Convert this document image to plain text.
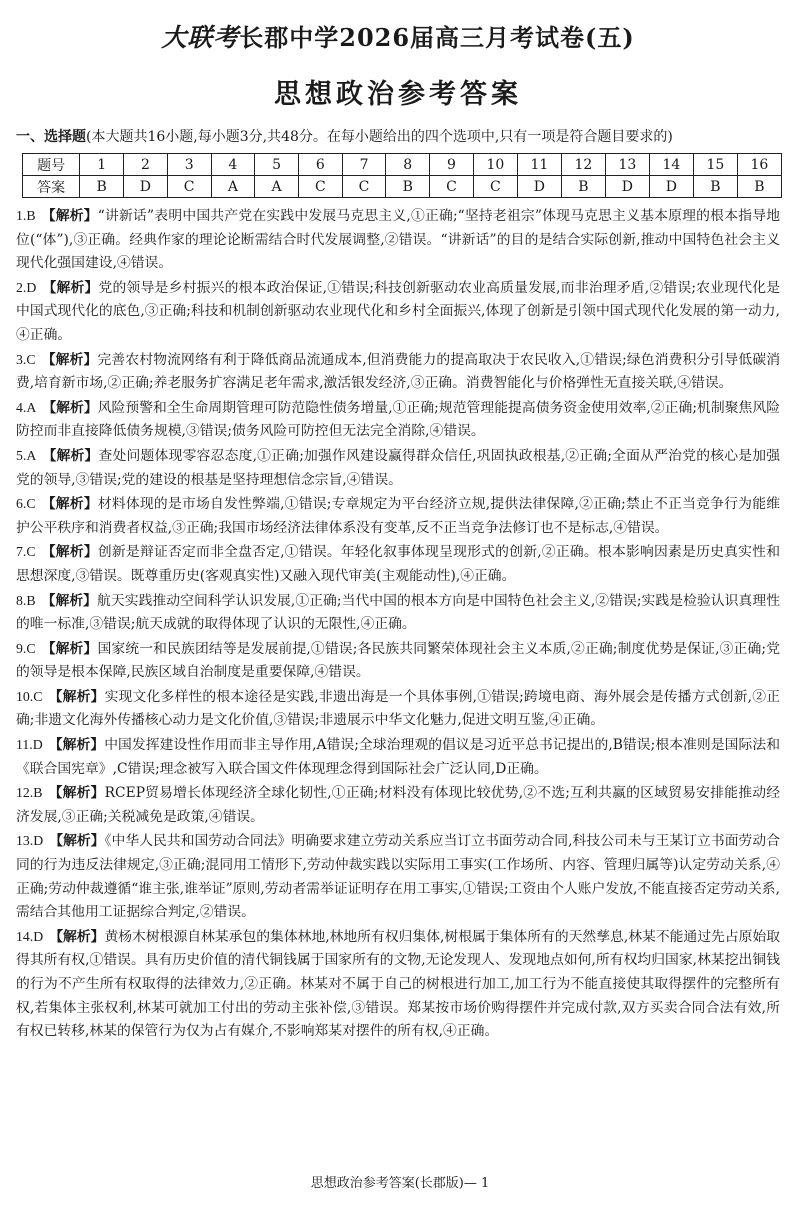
大联考长郡中学2026届高三月考试卷(五)
思想政治参考答案
一、选择题(本大题共16小题,每小题3分,共48分。在每小题给出的四个选项中,只有一项是符合题目要求的)
题号	1	2	3	4	5	6	7	8	9	10	11	12	13	14	15	16
答案	B	D	C	A	A	C	C	B	C	C	D	B	D	D	B	B

1.B 【解析】“讲新话”表明中国共产党在实践中发展马克思主义,①正确;“坚持老祖宗”体现马克思主义基本原理的根本指导地位(“体”),③正确。经典作家的理论论断需结合时代发展调整,②错误。“讲新话”的目的是结合实际创新,推动中国特色社会主义现代化强国建设,④错误。

2.D 【解析】党的领导是乡村振兴的根本政治保证,①错误;科技创新驱动农业高质量发展,而非治理矛盾,②错误;农业现代化是中国式现代化的底色,③正确;科技和机制创新驱动农业现代化和乡村全面振兴,体现了创新是引领中国式现代化发展的第一动力,④正确。

3.C 【解析】完善农村物流网络有利于降低商品流通成本,但消费能力的提高取决于农民收入,①错误;绿色消费积分引导低碳消费,培育新市场,②正确;养老服务扩容满足老年需求,激活银发经济,③正确。消费智能化与价格弹性无直接关联,④错误。

4.A 【解析】风险预警和全生命周期管理可防范隐性债务增量,①正确;规范管理能提高债务资金使用效率,②正确;机制聚焦风险防控而非直接降低债务规模,③错误;债务风险可防控但无法完全消除,④错误。

5.A 【解析】查处问题体现零容忍态度,①正确;加强作风建设赢得群众信任,巩固执政根基,②正确;全面从严治党的核心是加强党的领导,③错误;党的建设的根基是坚持理想信念宗旨,④错误。

6.C 【解析】材料体现的是市场自发性弊端,①错误;专章规定为平台经济立规,提供法律保障,②正确;禁止不正当竞争行为能维护公平秩序和消费者权益,③正确;我国市场经济法律体系没有变革,反不正当竞争法修订也不是标志,④错误。

7.C 【解析】创新是辩证否定而非全盘否定,①错误。年轻化叙事体现呈现形式的创新,②正确。根本影响因素是历史真实性和思想深度,③错误。既尊重历史(客观真实性)又融入现代审美(主观能动性),④正确。

8.B 【解析】航天实践推动空间科学认识发展,①正确;当代中国的根本方向是中国特色社会主义,②错误;实践是检验认识真理性的唯一标准,③错误;航天成就的取得体现了认识的无限性,④正确。

9.C 【解析】国家统一和民族团结等是发展前提,①错误;各民族共同繁荣体现社会主义本质,②正确;制度优势是保证,③正确;党的领导是根本保障,民族区域自治制度是重要保障,④错误。

10.C 【解析】实现文化多样性的根本途径是实践,非遗出海是一个具体事例,①错误;跨境电商、海外展会是传播方式创新,②正确;非遗文化海外传播核心动力是文化价值,③错误;非遗展示中华文化魅力,促进文明互鉴,④正确。

11.D 【解析】中国发挥建设性作用而非主导作用,A错误;全球治理观的倡议是习近平总书记提出的,B错误;根本准则是国际法和《联合国宪章》,C错误;理念被写入联合国文件体现理念得到国际社会广泛认同,D正确。

12.B 【解析】RCEP贸易增长体现经济全球化韧性,①正确;材料没有体现比较优势,②不选;互利共赢的区域贸易安排能推动经济发展,③正确;关税减免是政策,④错误。

13.D 【解析】《中华人民共和国劳动合同法》明确要求建立劳动关系应当订立书面劳动合同,科技公司未与王某订立书面劳动合同的行为违反法律规定,③正确;混同用工情形下,劳动仲裁实践以实际用工事实(工作场所、内容、管理归属等)认定劳动关系,④正确;劳动仲裁遵循“谁主张,谁举证”原则,劳动者需举证证明存在用工事实,①错误;工资由个人账户发放,不能直接否定劳动关系,需结合其他用工证据综合判定,②错误。

14.D 【解析】黄杨木树根源自林某承包的集体林地,林地所有权归集体,树根属于集体所有的天然孳息,林某不能通过先占原始取得其所有权,①错误。具有历史价值的清代铜钱属于国家所有的文物,无论发现人、发现地点如何,所有权均归国家,林某挖出铜钱的行为不产生所有权取得的法律效力,②正确。林某对不属于自己的树根进行加工,加工行为不能直接使其取得摆件的完整所有权,若集体主张权利,林某可就加工付出的劳动主张补偿,③错误。郑某按市场价购得摆件并完成付款,双方买卖合同合法有效,所有权已转移,林某的保管行为仅为占有媒介,不影响郑某对摆件的所有权,④正确。

思想政治参考答案(长郡版)— 1
